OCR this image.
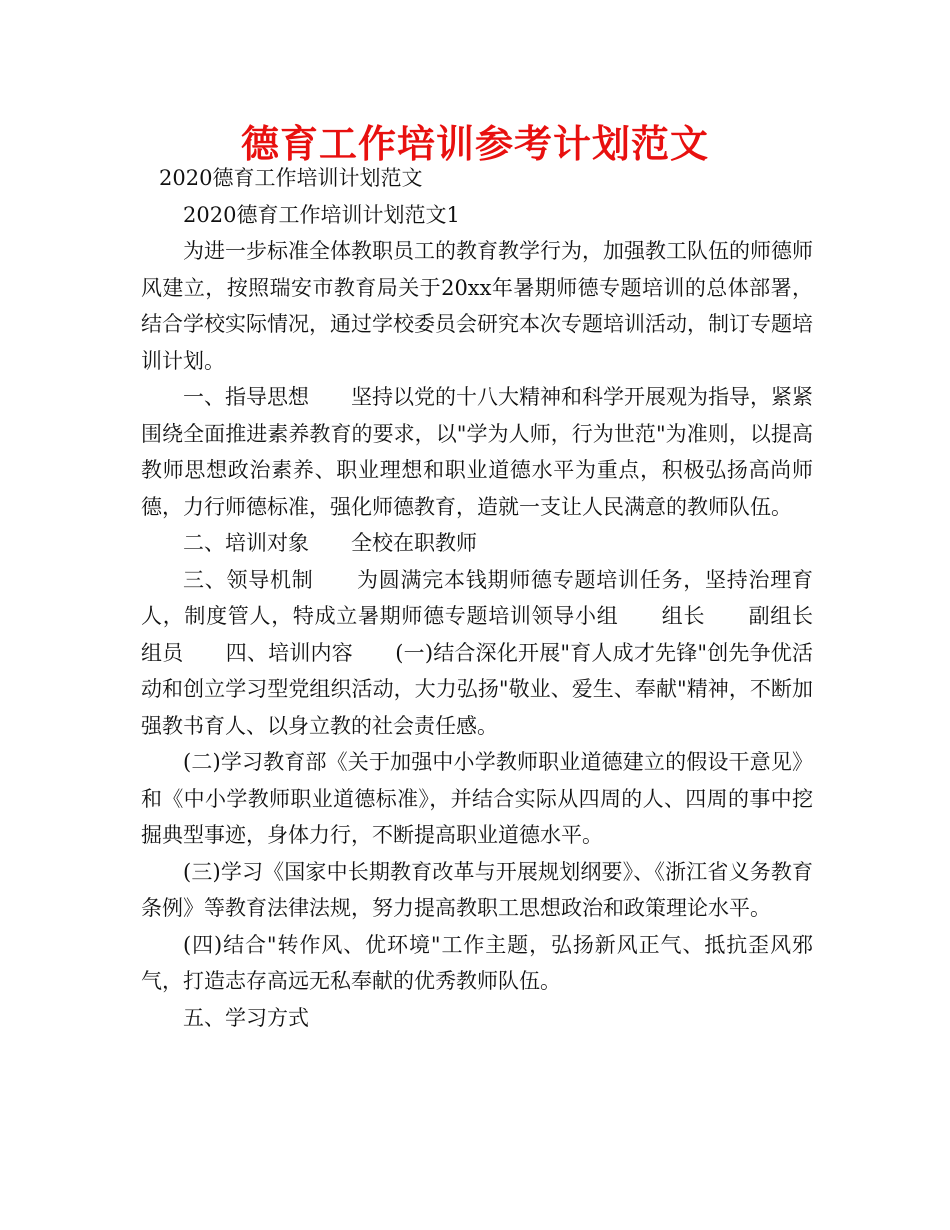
德育工作培训参考计划范文

2020德育工作培训计划范文

2020德育工作培训计划范文1

为进一步标准全体教职员工的教育教学行为，加强教工队伍的师德师风建立，按照瑞安市教育局关于20xx年暑期师德专题培训的总体部署，结合学校实际情况，通过学校委员会研究本次专题培训活动，制订专题培训计划。

一、指导思想　　坚持以党的十八大精神和科学开展观为指导，紧紧围绕全面推进素养教育的要求，以"学为人师，行为世范"为准则，以提高教师思想政治素养、职业理想和职业道德水平为重点，积极弘扬高尚师德，力行师德标准，强化师德教育，造就一支让人民满意的教师队伍。

二、培训对象　　全校在职教师

三、领导机制　　为圆满完本钱期师德专题培训任务，坚持治理育人，制度管人，特成立暑期师德专题培训领导小组　　组长　　副组长　　组员　　四、培训内容　　(一)结合深化开展"育人成才先锋"创先争优活动和创立学习型党组织活动，大力弘扬"敬业、爱生、奉献"精神，不断加强教书育人、以身立教的社会责任感。

(二)学习教育部《关于加强中小学教师职业道德建立的假设干意见》和《中小学教师职业道德标准》，并结合实际从四周的人、四周的事中挖掘典型事迹，身体力行，不断提高职业道德水平。

(三)学习《国家中长期教育改革与开展规划纲要》、《浙江省义务教育条例》等教育法律法规，努力提高教职工思想政治和政策理论水平。

(四)结合"转作风、优环境"工作主题，弘扬新风正气、抵抗歪风邪气，打造志存高远无私奉献的优秀教师队伍。

五、学习方式
